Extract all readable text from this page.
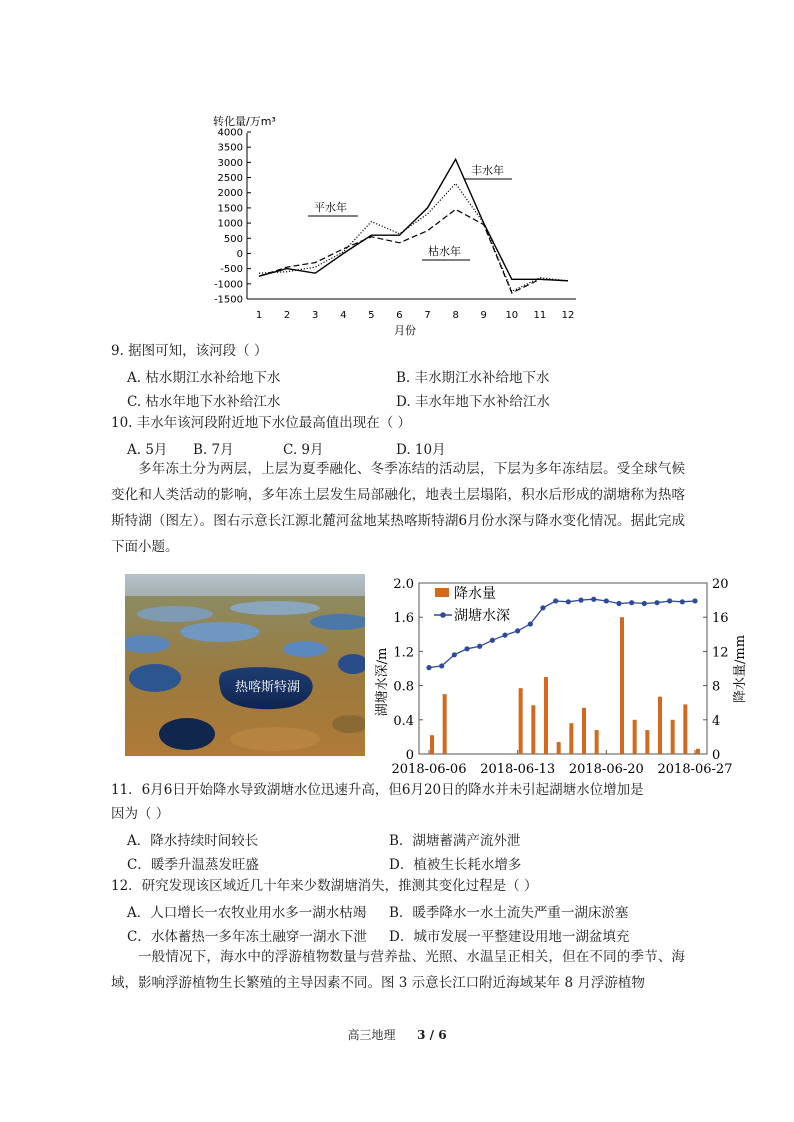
转化量/万m³
4000
3500
3000
2500
2000
1500
1000
500
0
-500
-1000
-1500
1 2 3 4 5 6 7 8 9 10 11 12
月份
丰水年
平水年
枯水年
9. 据图可知，该河段（ ）
A. 枯水期江水补给地下水	B. 丰水期江水补给地下水
C. 枯水年地下水补给江水	D. 丰水年地下水补给江水
10. 丰水年该河段附近地下水位最高值出现在（ ）
A. 5月 B. 7月	C. 9月	D. 10月
多年冻土分为两层，上层为夏季融化、冬季冻结的活动层，下层为多年冻结层。受全球气候变化和人类活动的影响，多年冻土层发生局部融化，地表土层塌陷，积水后形成的湖塘称为热喀斯特湖（图左）。图右示意长江源北麓河盆地某热喀斯特湖6月份水深与降水变化情况。据此完成下面小题。
热喀斯特湖
2.0
1.6
1.2
0.8
0.4
0
20
16
12
8
4
0
2018-06-06 2018-06-13 2018-06-20 2018-06-27
湖塘水深/m	降水量/mm
降水量
湖塘水深
11．6月6日开始降水导致湖塘水位迅速升高，但6月20日的降水并未引起湖塘水位增加是
因为（ ）
A．降水持续时间较长	B．湖塘蓄满产流外泄
C．暖季升温蒸发旺盛	D．植被生长耗水增多
12．研究发现该区域近几十年来少数湖塘消失，推测其变化过程是（ ）
A．人口增长一农牧业用水多一湖水枯竭 B．暖季降水一水土流失严重一湖床淤塞
C．水体蓄热一多年冻土融穿一湖水下泄 D．城市发展一平整建设用地一湖盆填充
一般情况下，海水中的浮游植物数量与营养盐、光照、水温呈正相关，但在不同的季节、海域，影响浮游植物生长繁殖的主导因素不同。图 3 示意长江口附近海域某年 8 月浮游植物
高三地理 3 / 6
